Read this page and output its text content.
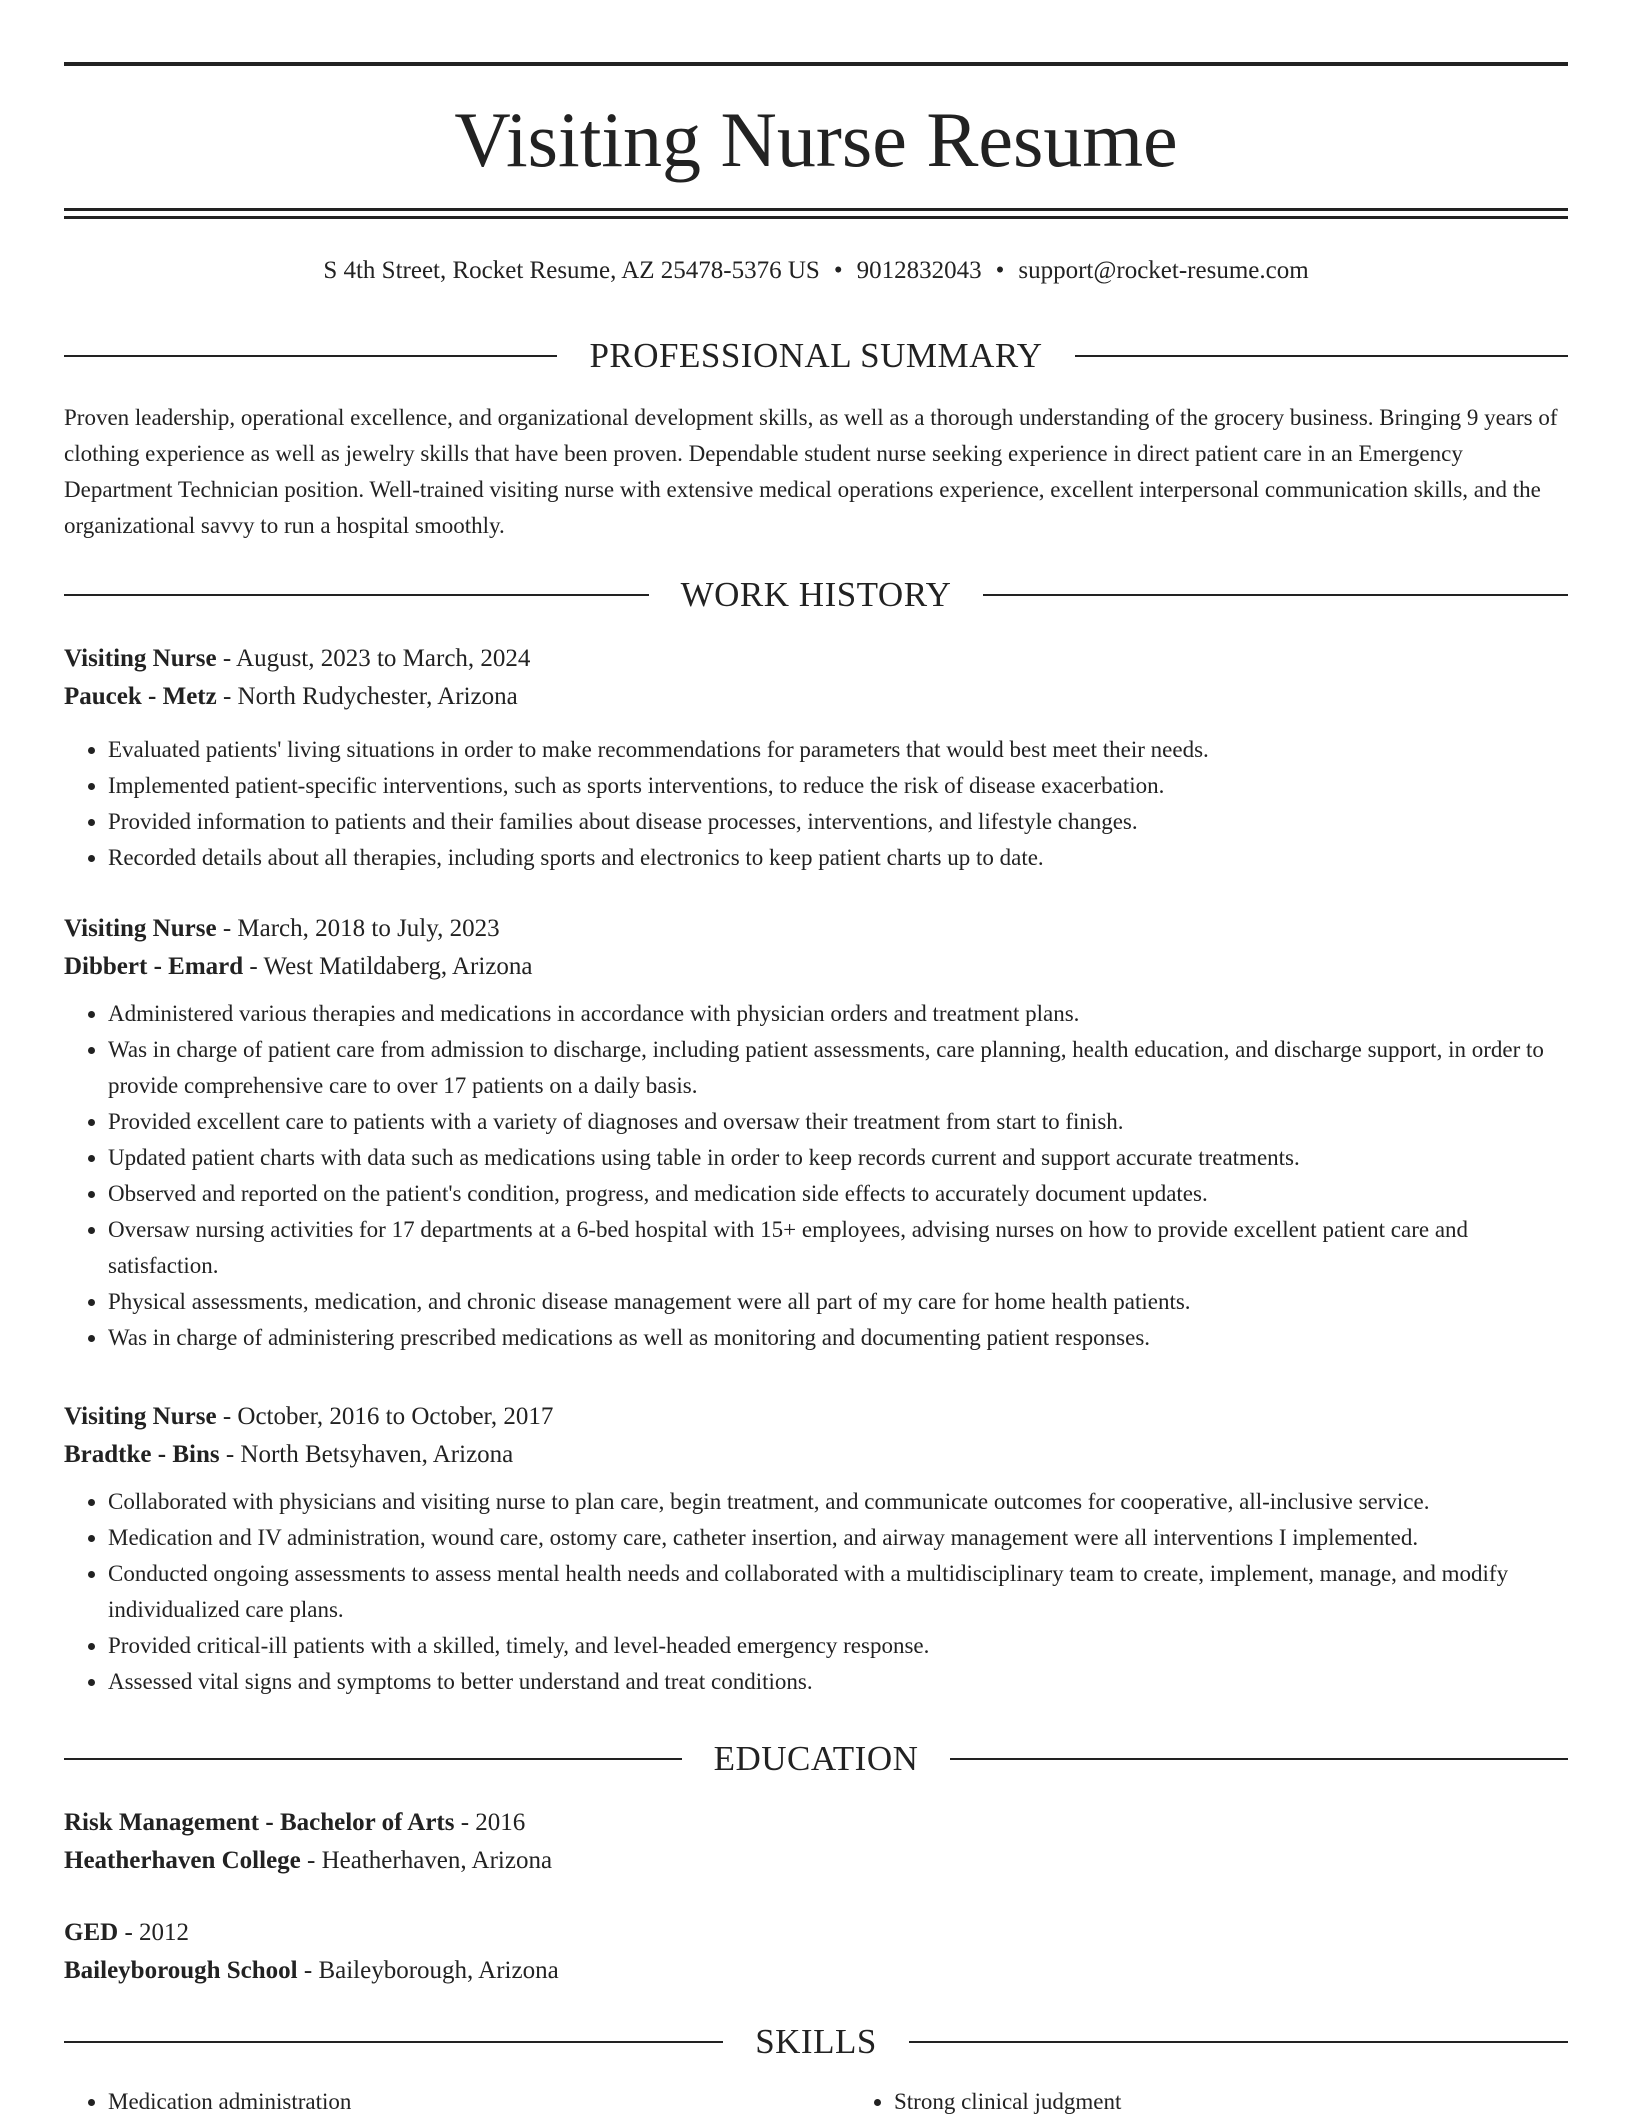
Visiting Nurse Resume
S 4th Street, Rocket Resume, AZ 25478-5376 US • 9012832043 • support@rocket-resume.com
PROFESSIONAL SUMMARY

Proven leadership, operational excellence, and organizational development skills, as well as a thorough understanding of the grocery business. Bringing 9 years of clothing experience as well as jewelry skills that have been proven. Dependable student nurse seeking experience in direct patient care in an Emergency Department Technician position. Well-trained visiting nurse with extensive medical operations experience, excellent interpersonal communication skills, and the organizational savvy to run a hospital smoothly.

WORK HISTORY

Visiting Nurse - August, 2023 to March, 2024

Paucek - Metz - North Rudychester, Arizona

• Evaluated patients' living situations in order to make recommendations for parameters that would best meet their needs.
• Implemented patient-specific interventions, such as sports interventions, to reduce the risk of disease exacerbation.
• Provided information to patients and their families about disease processes, interventions, and lifestyle changes.
• Recorded details about all therapies, including sports and electronics to keep patient charts up to date.

Visiting Nurse - March, 2018 to July, 2023

Dibbert - Emard - West Matildaberg, Arizona

• Administered various therapies and medications in accordance with physician orders and treatment plans.
• Was in charge of patient care from admission to discharge, including patient assessments, care planning, health education, and discharge support, in order to provide comprehensive care to over 17 patients on a daily basis.
• Provided excellent care to patients with a variety of diagnoses and oversaw their treatment from start to finish.
• Updated patient charts with data such as medications using table in order to keep records current and support accurate treatments.
• Observed and reported on the patient's condition, progress, and medication side effects to accurately document updates.
• Oversaw nursing activities for 17 departments at a 6-bed hospital with 15+ employees, advising nurses on how to provide excellent patient care and satisfaction.
• Physical assessments, medication, and chronic disease management were all part of my care for home health patients.
• Was in charge of administering prescribed medications as well as monitoring and documenting patient responses.

Visiting Nurse - October, 2016 to October, 2017

Bradtke - Bins - North Betsyhaven, Arizona

• Collaborated with physicians and visiting nurse to plan care, begin treatment, and communicate outcomes for cooperative, all-inclusive service.
• Medication and IV administration, wound care, ostomy care, catheter insertion, and airway management were all interventions I implemented.
• Conducted ongoing assessments to assess mental health needs and collaborated with a multidisciplinary team to create, implement, manage, and modify individualized care plans.
• Provided critical-ill patients with a skilled, timely, and level-headed emergency response.
• Assessed vital signs and symptoms to better understand and treat conditions.
EDUCATION

Risk Management - Bachelor of Arts - 2016

Heatherhaven College - Heatherhaven, Arizona

GED - 2012

Baileyborough School - Baileyborough, Arizona

SKILLS
• Medication administration
•	Strong clinical judgment
